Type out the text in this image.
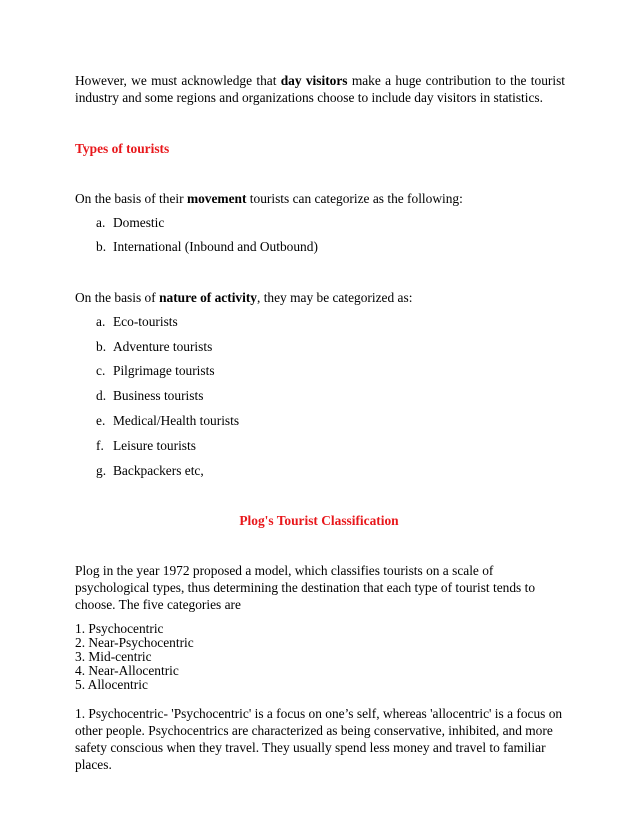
However, we must acknowledge that day visitors make a huge contribution to the tourist industry and some regions and organizations choose to include day visitors in statistics.

Types of tourists

On the basis of their movement tourists can categorize as the following:

a. Domestic
b. International (Inbound and Outbound)

On the basis of nature of activity, they may be categorized as:

a. Eco-tourists
b. Adventure tourists
c. Pilgrimage tourists
d. Business tourists
e. Medical/Health tourists
f. Leisure tourists
g. Backpackers etc,

Plog's Tourist Classification

Plog in the year 1972 proposed a model, which classifies tourists on a scale of psychological types, thus determining the destination that each type of tourist tends to choose. The five categories are

1. Psychocentric
2. Near-Psychocentric
3. Mid-centric
4. Near-Allocentric
5. Allocentric

1. Psychocentric- 'Psychocentric' is a focus on one’s self, whereas 'allocentric' is a focus on other people. Psychocentrics are characterized as being conservative, inhibited, and more safety conscious when they travel. They usually spend less money and travel to familiar places.
